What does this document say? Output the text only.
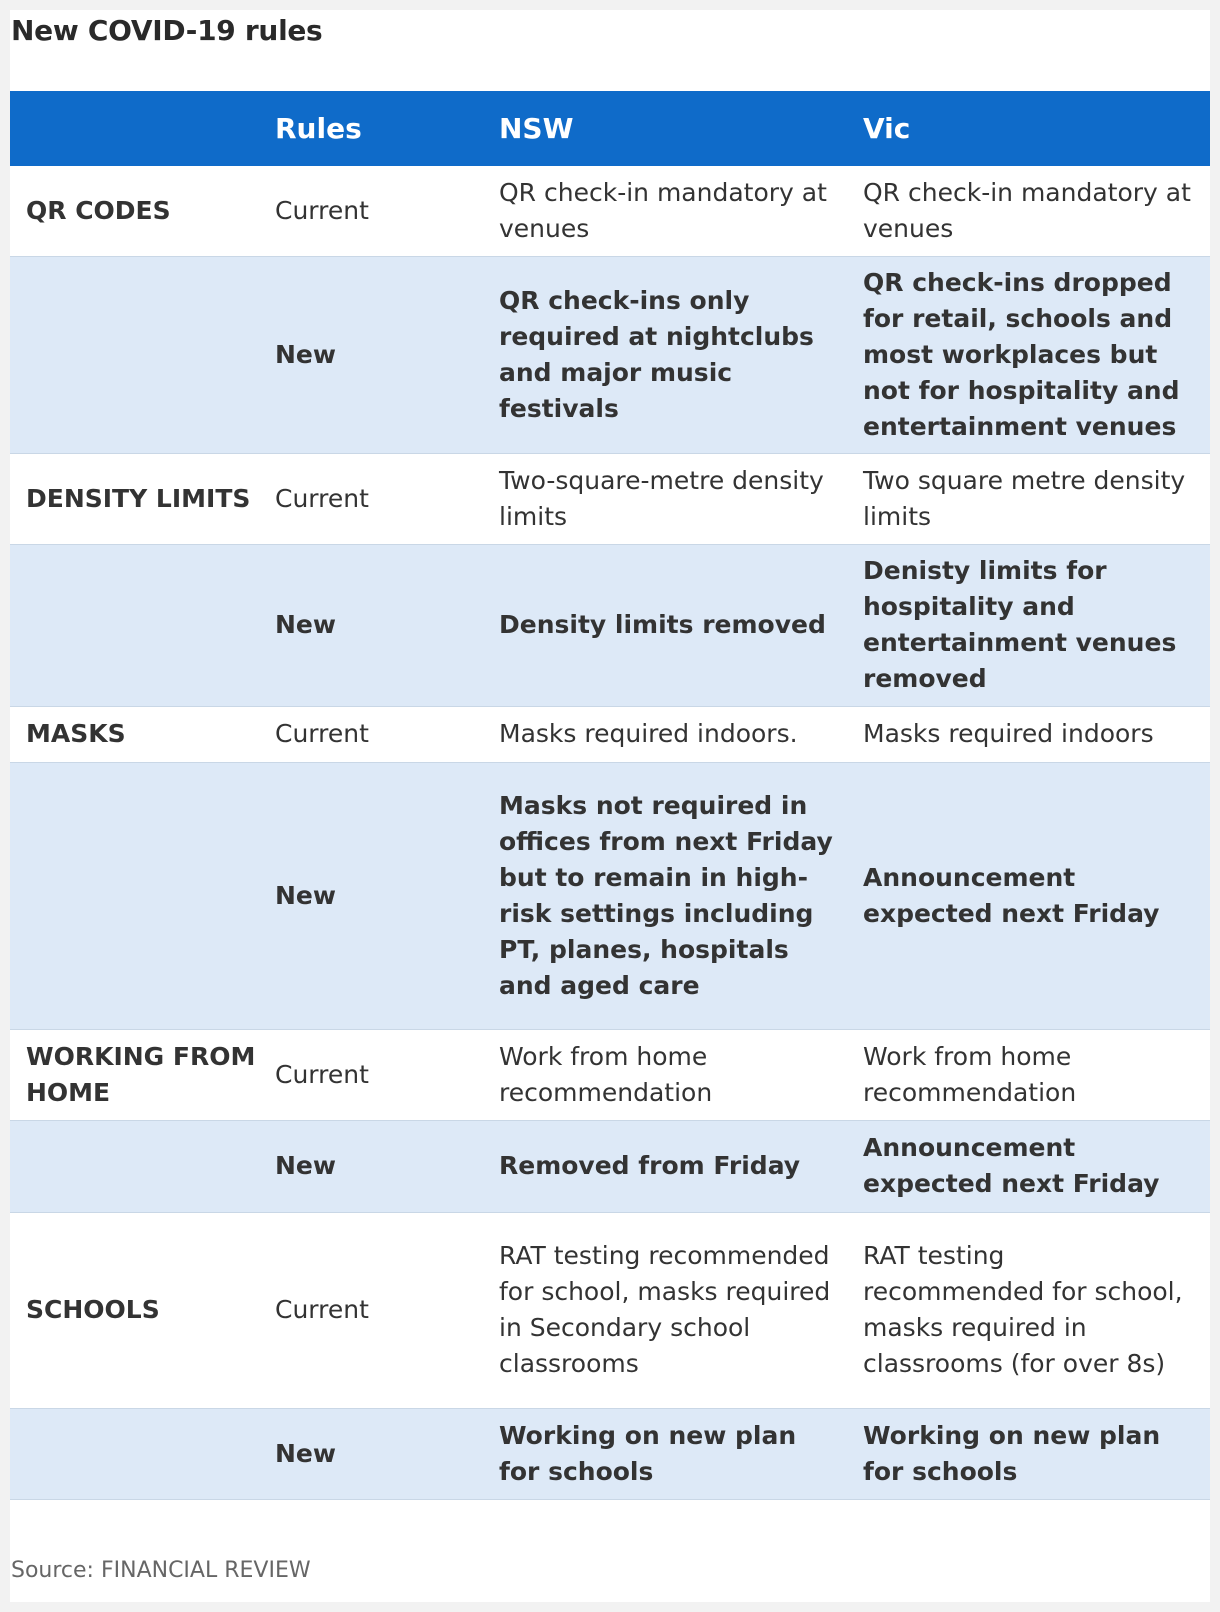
New COVID-19 rules
	Rules	NSW	Vic
QR CODES	Current	QR check-in mandatory at venues	QR check-in mandatory at venues
	New	QR check-ins only required at nightclubs and major music festivals	QR check-ins dropped for retail, schools and most workplaces but not for hospitality and entertainment venues
DENSITY LIMITS	Current	Two-square-metre density limits	Two square metre density limits
	New	Density limits removed	Denisty limits for hospitality and entertainment venues removed
MASKS	Current	Masks required indoors.	Masks required indoors
	New	Masks not required in offices from next Friday but to remain in high-risk settings including PT, planes, hospitals and aged care	Announcement expected next Friday
WORKING FROM HOME	Current	Work from home recommendation	Work from home recommendation
	New	Removed from Friday	Announcement expected next Friday
SCHOOLS	Current	RAT testing recommended for school, masks required in Secondary school classrooms	RAT testing recommended for school, masks required in classrooms (for over 8s)
	New	Working on new plan for schools	Working on new plan for schools
Source: FINANCIAL REVIEW
